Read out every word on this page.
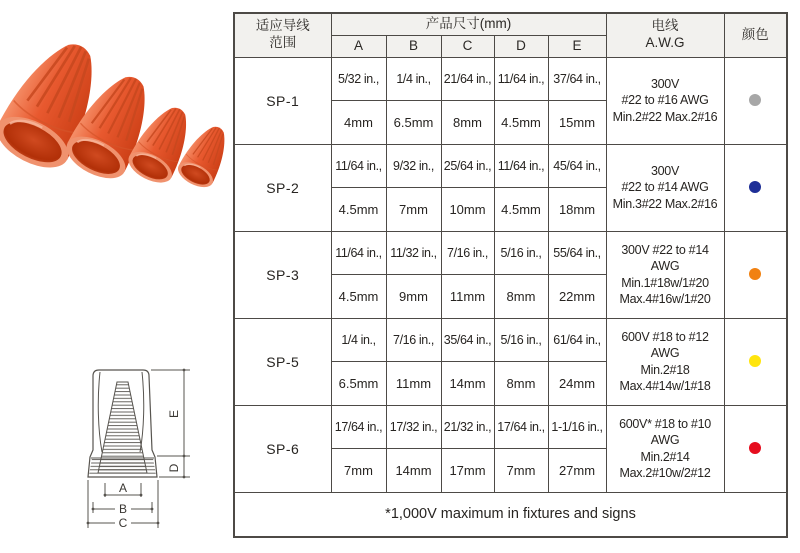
A
B
C
D
E
适应导线
范围
	产品尺寸(mm)	电线
A.W.G
	颜色
	A	B	C	D	E		
SP-1	5/32 in.,	1/4 in.,	21/64 in.,	11/64 in.,	37/64 in.,	300V
#22 to #16 AWG
Min.2#22 Max.2#16	

	4mm	6.5mm	8mm	4.5mm	15mm		
SP-2	11/64 in.,	9/32 in.,	25/64 in.,	11/64 in.,	45/64 in.,	300V
#22 to #14 AWG
Min.3#22 Max.2#16	

	4.5mm	7mm	10mm	4.5mm	18mm		
SP-3	11/64 in.,	11/32 in.,	7/16 in.,	5/16 in.,	55/64 in.,	300V #22 to #14 AWG
Min.1#18w/1#20
Max.4#16w/1#20	

	4.5mm	9mm	11mm	8mm	22mm		
SP-5	1/4 in.,	7/16 in.,	35/64 in.,	5/16 in.,	61/64 in.,	600V #18 to #12 AWG
Min.2#18
Max.4#14w/1#18	

	6.5mm	11mm	14mm	8mm	24mm		
SP-6	17/64 in.,	17/32 in.,	21/32 in.,	17/64 in.,	1-1/16 in.,	600V* #18 to #10 AWG
Min.2#14
Max.2#10w/2#12	

	7mm	14mm	17mm	7mm	27mm		
*1,000V maximum in fixtures and signs							
